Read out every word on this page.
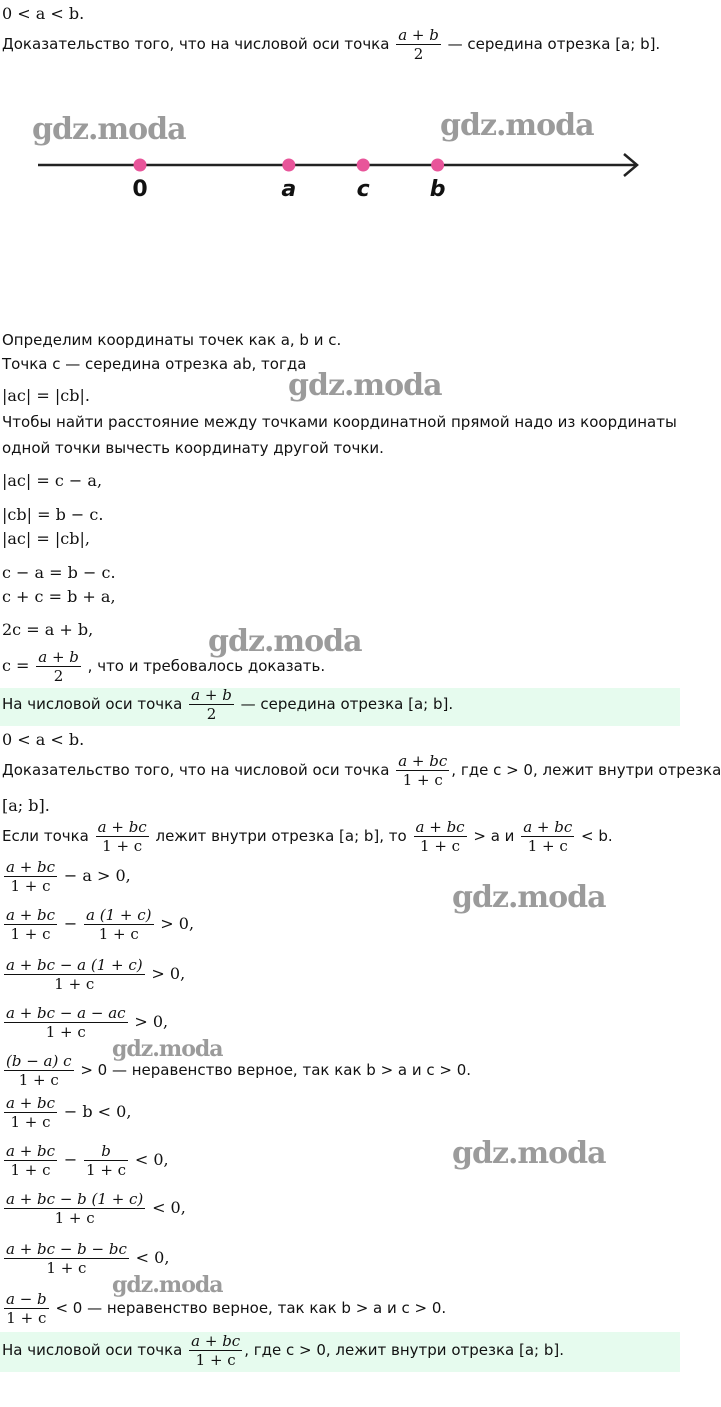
0 < a < b.
Доказательство того, что на числовой оси точка $\frac{a + b}{2}$ — середина отрезка [a; b].
0	a	c	b
Определим координаты точек как a, b и c.
Точка c — середина отрезка ab, тогда
|ac| = |cb|.
Чтобы найти расстояние между точками координатной прямой надо из координаты
одной точки вычесть координату другой точки.
|ac| = c − a,
|cb| = b − c.
|ac| = |cb|,
c − a = b − c.
c + c = b + a,
2c = a + b,
$c = \frac{a + b}{2}$ , что и требовалось доказать.
На числовой оси точка $\frac{a + b}{2}$ — середина отрезка [a; b].
0 < a < b.
Доказательство того, что на числовой оси точка $\frac{a + bc}{1 + c}$ , где c > 0, лежит внутри отрезка
[a; b].
Если точка $\frac{a + bc}{1 + c}$ лежит внутри отрезка [a; b], то $\frac{a + bc}{1 + c} > a$ и $\frac{a + bc}{1 + c} < b$.
$\frac{a + bc}{1 + c} - a > 0$,
$\frac{a + bc}{1 + c} - \frac{a (1 + c)}{1 + c} > 0$,
$\frac{a + bc - a (1 + c)}{1 + c} > 0$,
$\frac{a + bc - a - ac}{1 + c} > 0$,
$\frac{(b - a) c}{1 + c} > 0$ — неравенство верное, так как b > a и c > 0.
$\frac{a + bc}{1 + c} - b < 0$,
$\frac{a + bc}{1 + c} - \frac{b}{1 + c} < 0$,
$\frac{a + bc - b (1 + c)}{1 + c} < 0$,
$\frac{a + bc - b - bc}{1 + c} < 0$,
$\frac{a - b}{1 + c} < 0$ — неравенство верное, так как b > a и c > 0.
На числовой оси точка $\frac{a + bc}{1 + c}$ , где c > 0, лежит внутри отрезка [a; b].
gdz.moda	gdz.moda
gdz.moda
gdz.moda
gdz.moda
gdz.moda
gdz.moda
gdz.moda
